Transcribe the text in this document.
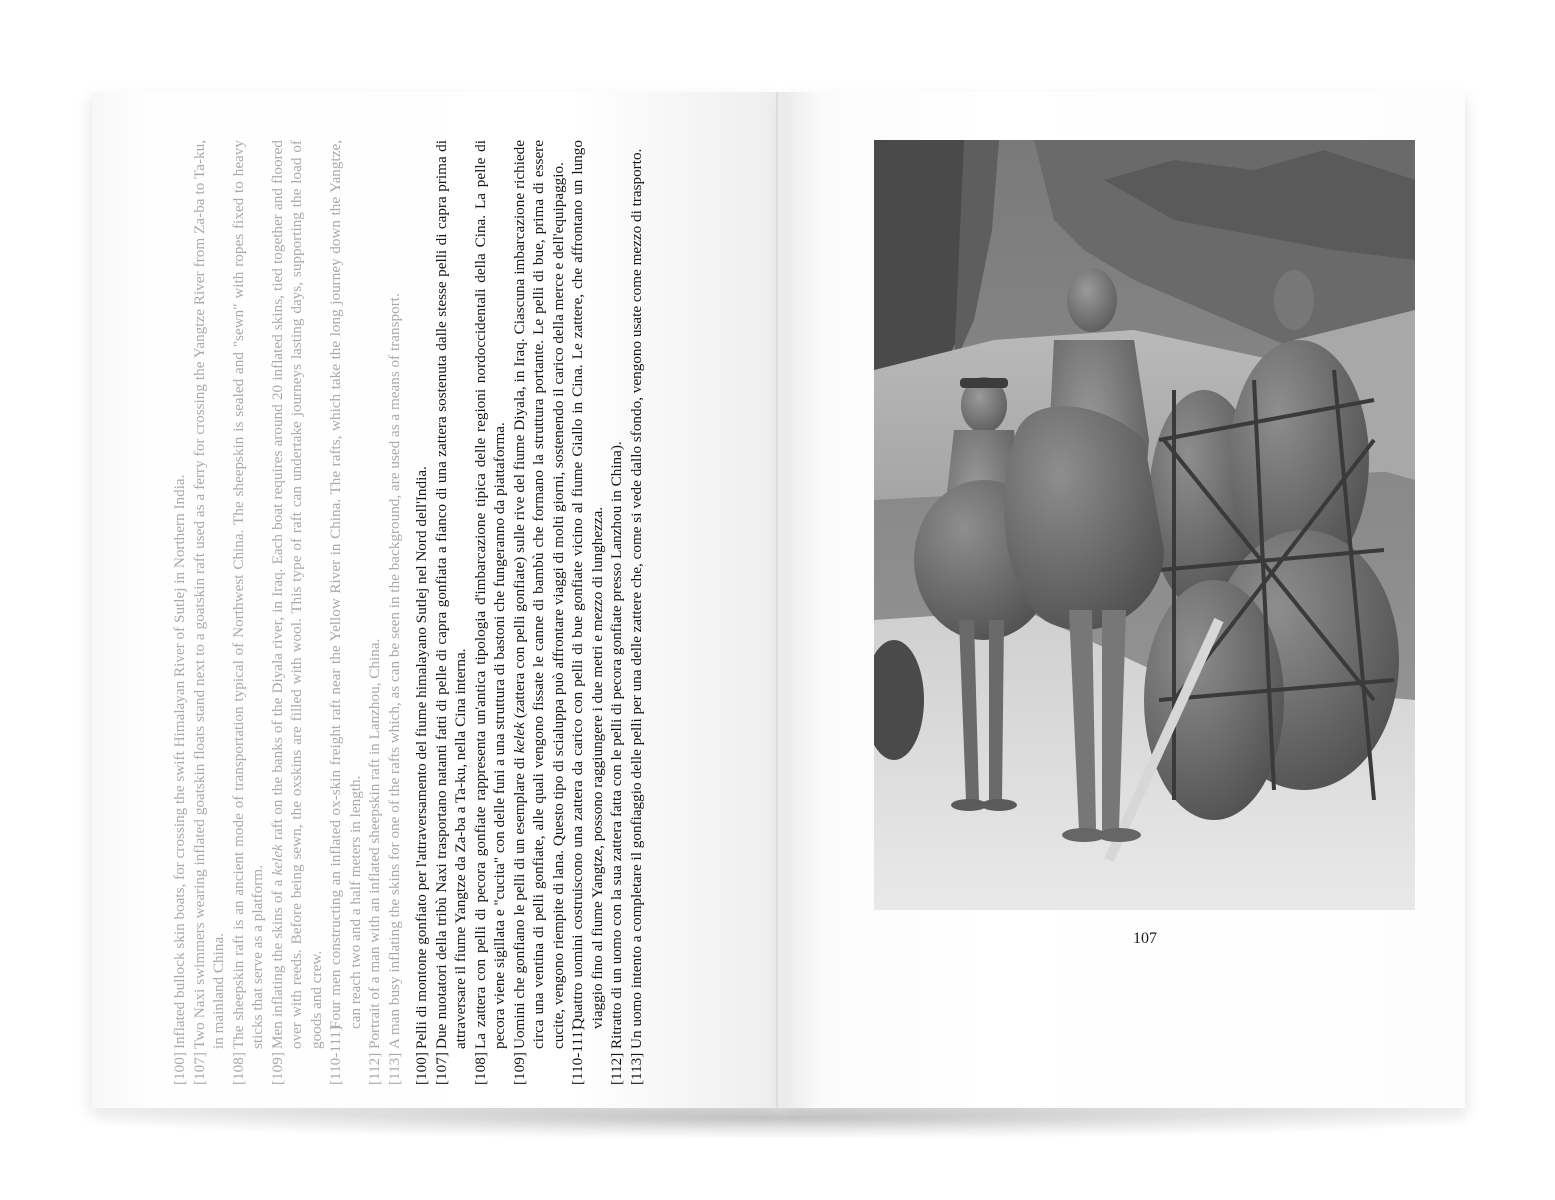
[100]
Inflated bullock skin boats, for crossing the swift Himalayan River of Sutlej in Northern India.
[107]
Two Naxi swimmers wearing inflated goatskin floats stand next to a goatskin raft used as a ferry for crossing the Yangtze River from Za-ba to Ta-ku, in mainland China.
[108]
The sheepskin raft is an ancient mode of transportation typical of Northwest China. The sheepskin is sealed and "sewn" with ropes fixed to heavy sticks that serve as a platform.
[109]
Men inflating the skins of a kelek raft on the banks of the Diyala river, in Iraq. Each boat requires around 20 inflated skins, tied together and floored over with reeds. Before being sewn, the oxskins are filled with wool. This type of raft can undertake journeys lasting days, supporting the load of goods and crew.
[110-111]
Four men constructing an inflated ox-skin freight raft near the Yellow River in China. The rafts, which take the long journey down the Yangtze, can reach two and a half meters in length.
[112]
Portrait of a man with an inflated sheepskin raft in Lanzhou, China.
[113]
A man busy inflating the skins for one of the rafts which, as can be seen in the background, are used as a means of transport.
[100]
Pelli di montone gonfiato per l'attraversamento del fiume himalayano Sutlej nel Nord dell'India.
[107]
Due nuotatori della tribù Naxi trasportano natanti fatti di pelle di capra gonfiata a fianco di una zattera sostenuta dalle stesse pelli di capra prima di attraversare il fiume Yangtze da Za-ba a Ta-ku, nella Cina interna.
[108]
La zattera con pelli di pecora gonfiate rappresenta un'antica tipologia d'imbarcazione tipica delle regioni nordoccidentali della Cina. La pelle di pecora viene sigillata e "cucita" con delle funi a una struttura di bastoni che fungeranno da piattaforma.
[109]
Uomini che gonfiano le pelli di un esemplare di kelek (zattera con pelli gonfiate) sulle rive del fiume Diyala, in Iraq. Ciascuna imbarcazione richiede circa una ventina di pelli gonfiate, alle quali vengono fissate le canne di bambù che formano la struttura portante. Le pelli di bue, prima di essere cucite, vengono riempite di lana. Questo tipo di scialuppa può affrontare viaggi di molti giorni, sostenendo il carico della merce e dell'equipaggio.
[110-111]
Quattro uomini costruiscono una zattera da carico con pelli di bue gonfiate vicino al fiume Giallo in Cina. Le zattere, che affrontano un lungo viaggio fino al fiume Yangtze, possono raggiungere i due metri e mezzo di lunghezza.
[112]
Ritratto di un uomo con la sua zattera fatta con le pelli di pecora gonfiate presso Lanzhou in China).
[113]
Un uomo intento a completare il gonfiaggio delle pelli per una delle zattere che, come si vede dallo sfondo, vengono usate come mezzo di trasporto.	107
